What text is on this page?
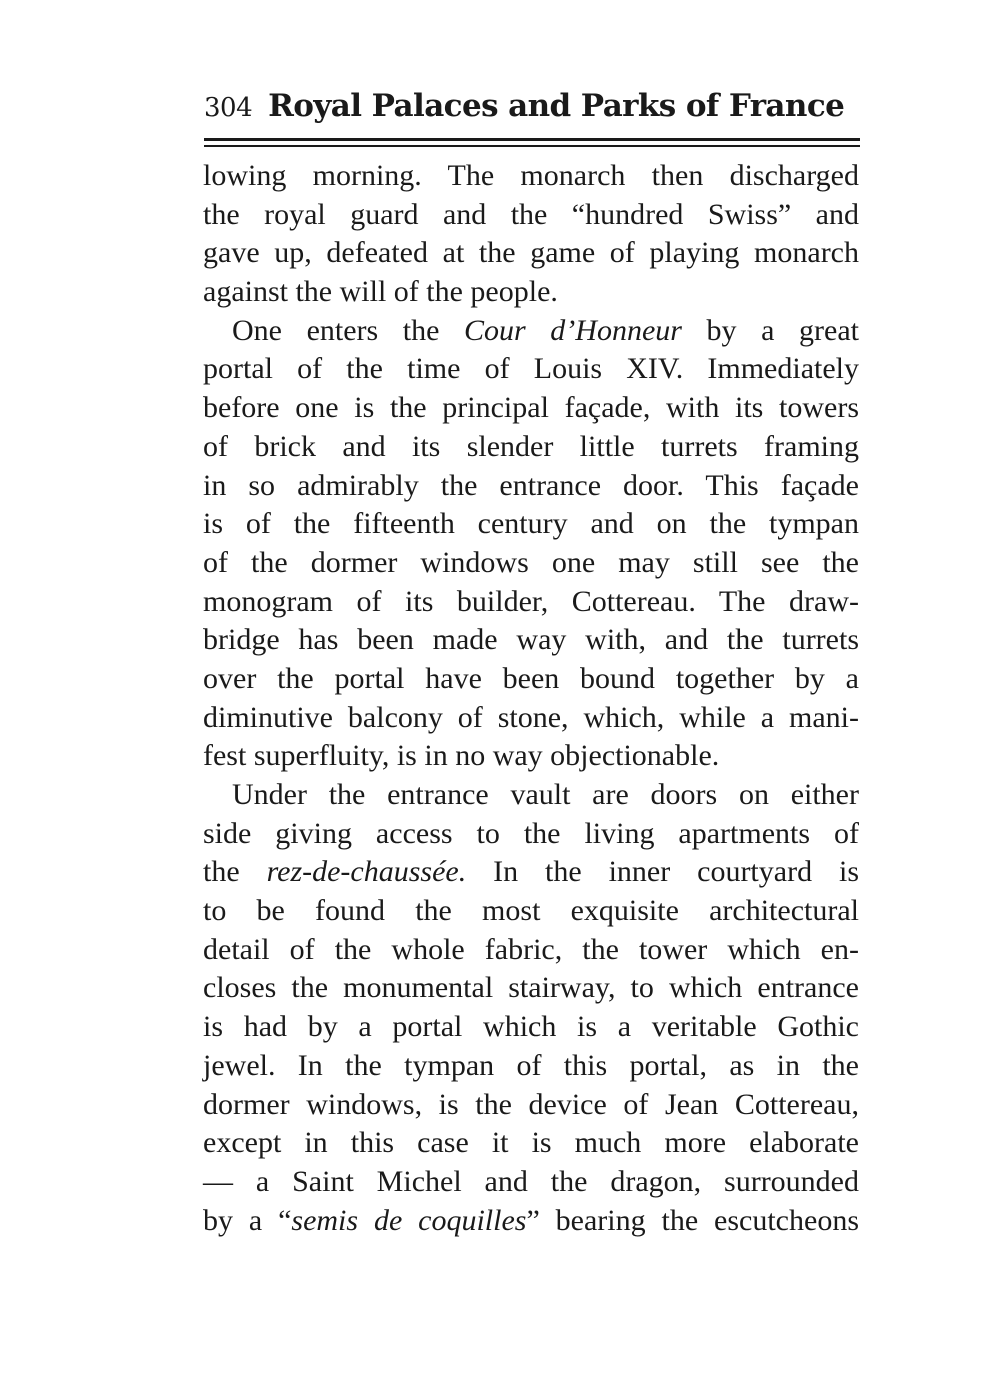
304 Royal Palaces and Parks of France
lowing morning. The monarch then discharged
the royal guard and the “hundred Swiss” and
gave up, defeated at the game of playing monarch
against the will of the people.
One enters the Cour d’Honneur by a great
portal of the time of Louis XIV. Immediately
before one is the principal façade, with its towers
of brick and its slender little turrets framing
in so admirably the entrance door. This façade
is of the fifteenth century and on the tympan
of the dormer windows one may still see the
monogram of its builder, Cottereau. The draw-
bridge has been made way with, and the turrets
over the portal have been bound together by a
diminutive balcony of stone, which, while a mani-
fest superfluity, is in no way objectionable.
Under the entrance vault are doors on either
side giving access to the living apartments of
the rez-de-chaussée. In the inner courtyard is
to be found the most exquisite architectural
detail of the whole fabric, the tower which en-
closes the monumental stairway, to which entrance
is had by a portal which is a veritable Gothic
jewel. In the tympan of this portal, as in the
dormer windows, is the device of Jean Cottereau,
except in this case it is much more elaborate
— a Saint Michel and the dragon, surrounded
by a “semis de coquilles” bearing the escutcheons
